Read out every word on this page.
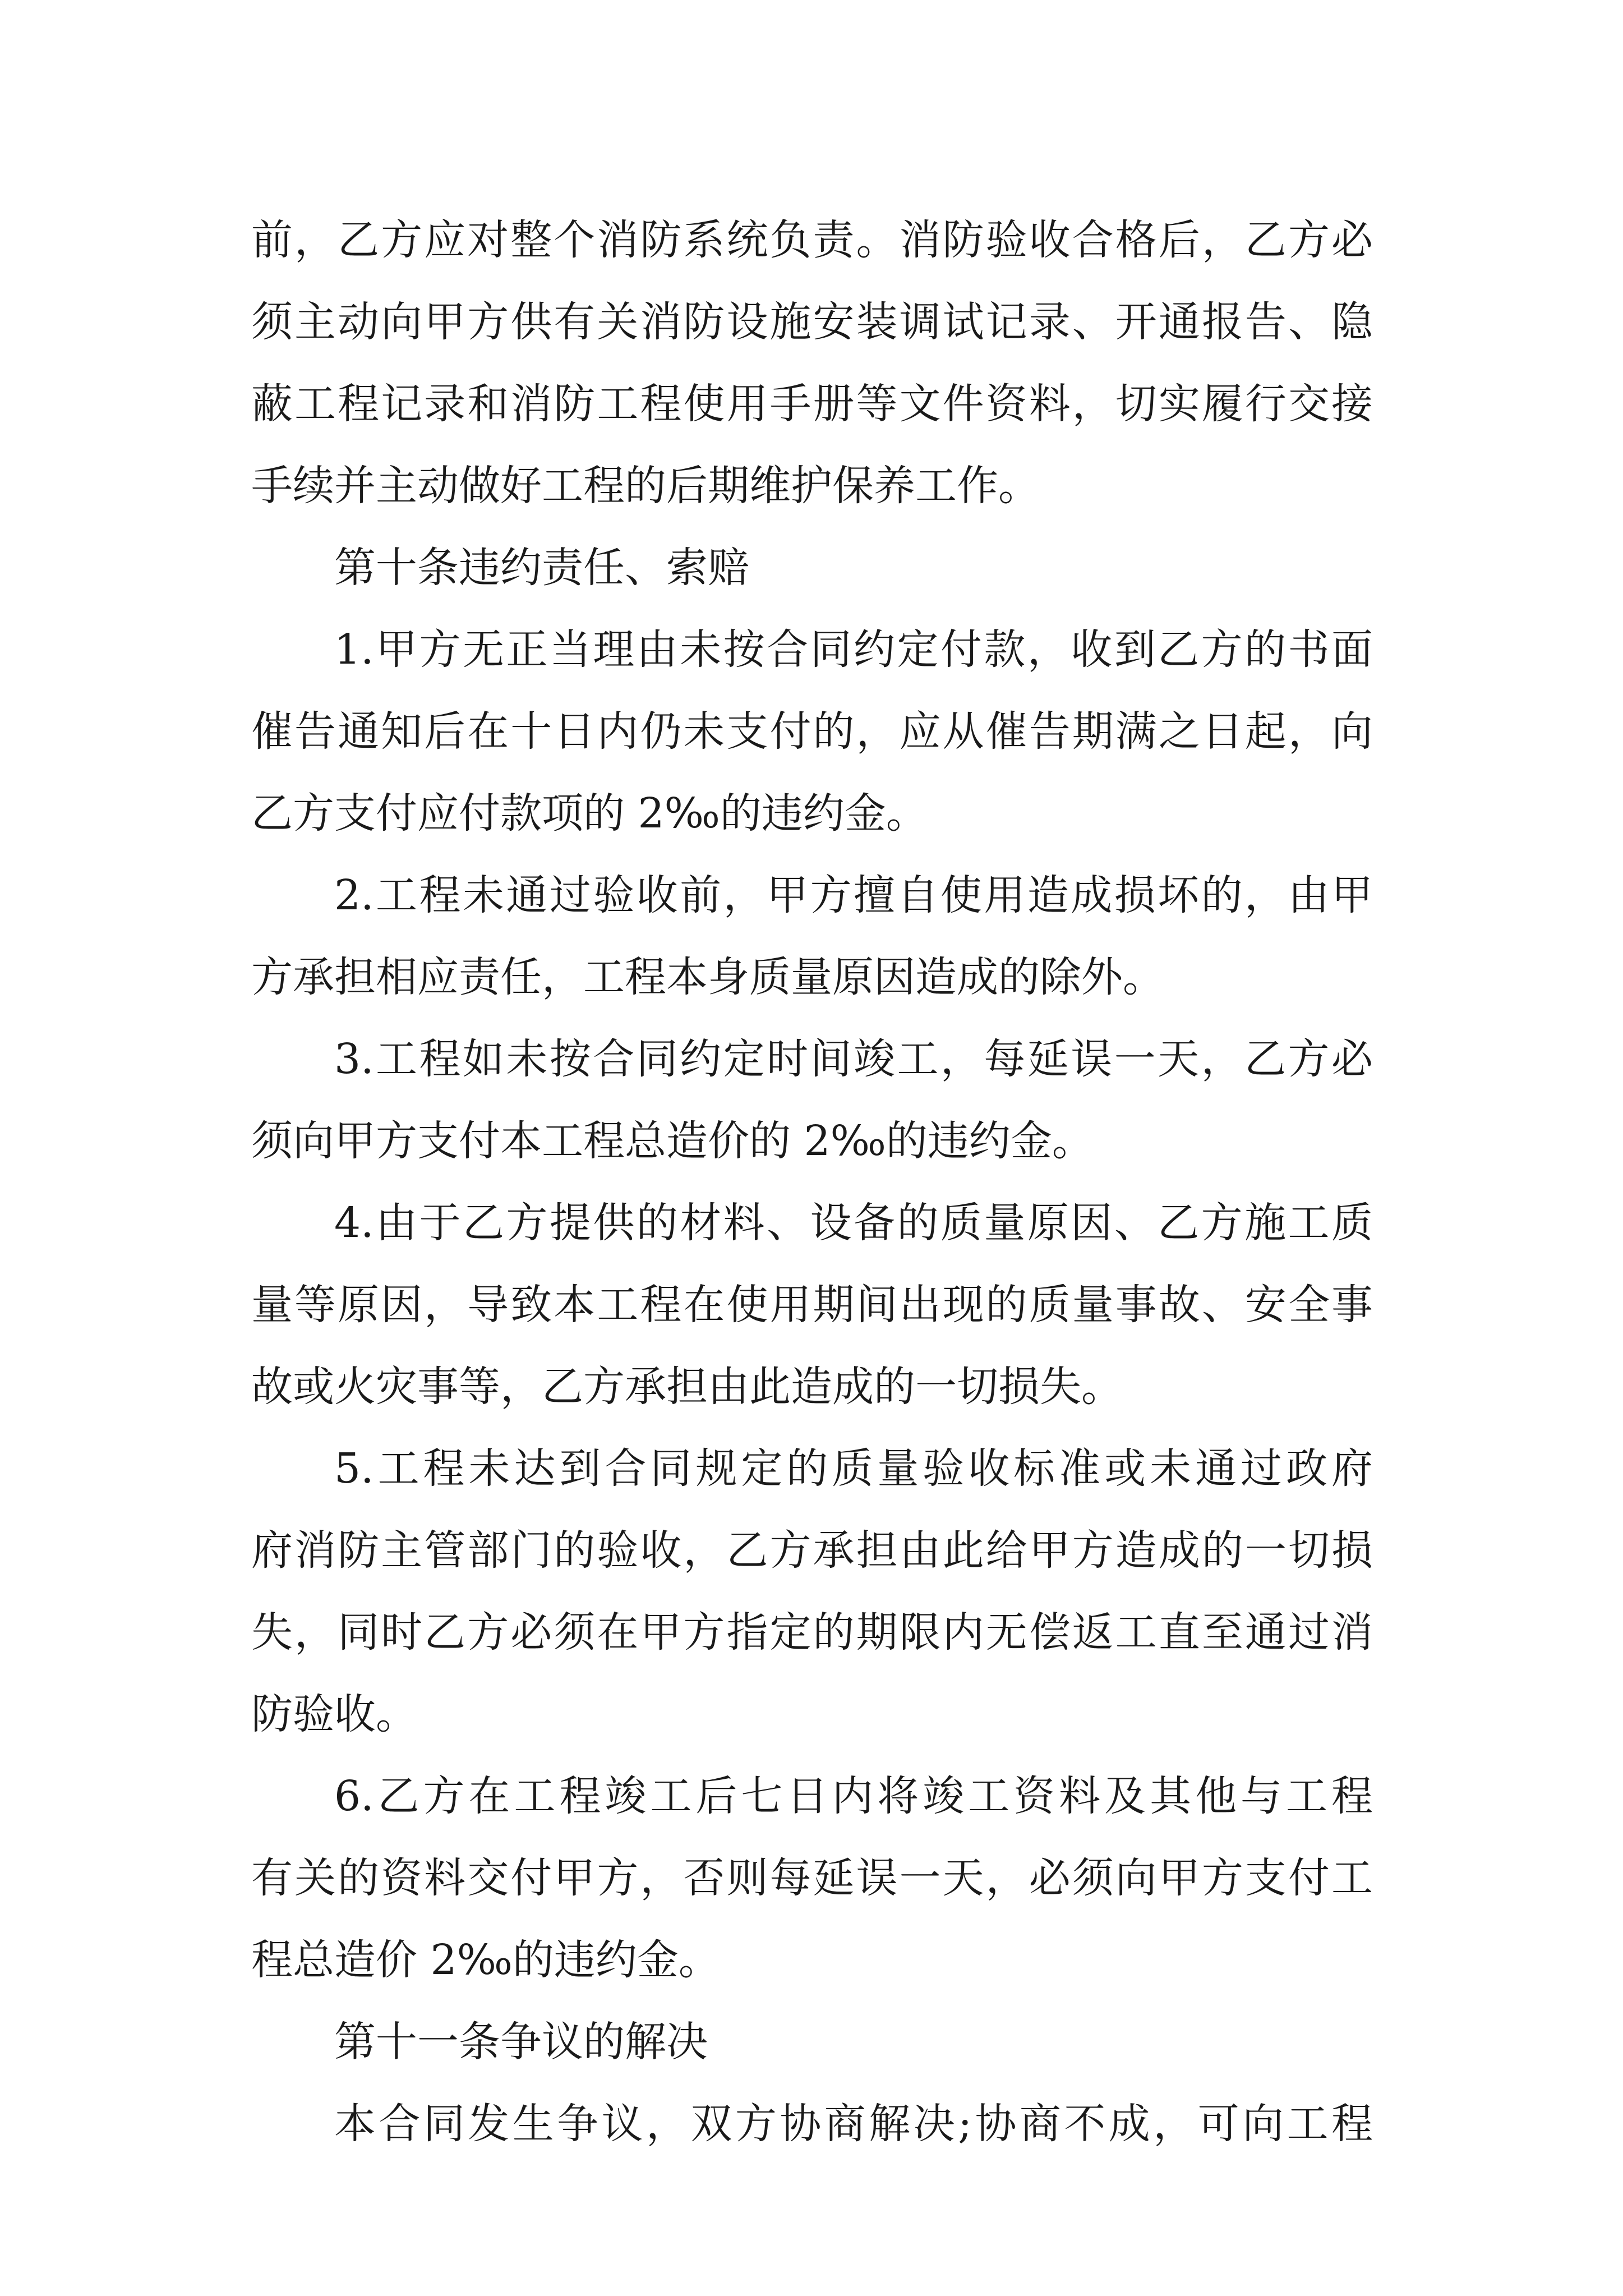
前，乙方应对整个消防系统负责。消防验收合格后，乙方必
须主动向甲方供有关消防设施安装调试记录、开通报告、隐
蔽工程记录和消防工程使用手册等文件资料，切实履行交接
手续并主动做好工程的后期维护保养工作。
第十条违约责任、索赔
1.甲方无正当理由未按合同约定付款，收到乙方的书面
催告通知后在十日内仍未支付的，应从催告期满之日起，向
乙方支付应付款项的 2‰的违约金。
2.工程未通过验收前，甲方擅自使用造成损坏的，由甲
方承担相应责任，工程本身质量原因造成的除外。
3.工程如未按合同约定时间竣工，每延误一天，乙方必
须向甲方支付本工程总造价的 2‰的违约金。
4.由于乙方提供的材料、设备的质量原因、乙方施工质
量等原因，导致本工程在使用期间出现的质量事故、安全事
故或火灾事等，乙方承担由此造成的一切损失。
5.工程未达到合同规定的质量验收标准或未通过政府
府消防主管部门的验收，乙方承担由此给甲方造成的一切损
失，同时乙方必须在甲方指定的期限内无偿返工直至通过消
防验收。
6.乙方在工程竣工后七日内将竣工资料及其他与工程
有关的资料交付甲方，否则每延误一天，必须向甲方支付工
程总造价 2‰的违约金。
第十一条争议的解决
本合同发生争议，双方协商解决;协商不成，可向工程
